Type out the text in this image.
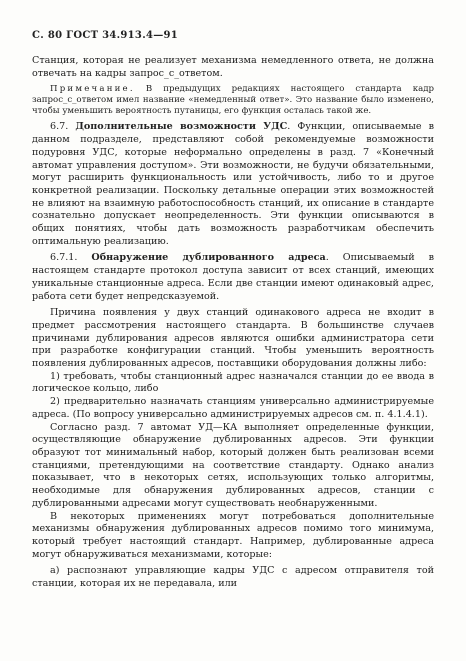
С. 80 ГОСТ 34.913.4—91

Станция, которая не реализует механизма немедленного ответа, не должна отвечать на кадры запрос_с_ответом.

Примечание. В предыдущих редакциях настоящего стандарта кадр запрос_с_ответом имел название «немедленный ответ». Это название было изменено, чтобы уменьшить вероятность путаницы, его функция осталась такой же.

6.7. Дополнительные возможности УДС. Функции, описываемые в данном подразделе, представляют собой рекомендуемые возможности подуровня УДС, которые неформально определены в разд. 7 «Конечный автомат управления доступом». Эти возможности, не будучи обязательными, могут расширить функциональность или устойчивость, либо то и другое конкретной реализации. Поскольку детальные операции этих возможностей не влияют на взаимную работоспособность станций, их описание в стандарте сознательно допускает неопределенность. Эти функции описываются в общих понятиях, чтобы дать возможность разработчикам обеспечить оптимальную реализацию.

6.7.1. Обнаружение дублированного адреса. Описываемый в настоящем стандарте протокол доступа зависит от всех станций, имеющих уникальные станционные адреса. Если две станции имеют одинаковый адрес, работа сети будет непредсказуемой.

Причина появления у двух станций одинакового адреса не входит в предмет рассмотрения настоящего стандарта. В большинстве случаев причинами дублирования адресов являются ошибки администратора сети при разработке конфигурации станций. Чтобы уменьшить вероятность появления дублированных адресов, поставщики оборудования должны либо:

1) требовать, чтобы станционный адрес назначался станции до ее ввода в логическое кольцо, либо

2) предварительно назначать станциям универсально администрируемые адреса. (По вопросу универсально администрируемых адресов см. п. 4.1.4.1).

Согласно разд. 7 автомат УД—КА выполняет определенные функции, осуществляющие обнаружение дублированных адресов. Эти функции образуют тот минимальный набор, который должен быть реализован всеми станциями, претендующими на соответствие стандарту. Однако анализ показывает, что в некоторых сетях, использующих только алгоритмы, необходимые для обнаружения дублированных адресов, станции с дублированными адресами могут существовать необнаруженными.

В некоторых применениях могут потребоваться дополнительные механизмы обнаружения дублированных адресов помимо того минимума, который требует настоящий стандарт. Например, дублированные адреса могут обнаруживаться механизмами, которые:

а) распознают управляющие кадры УДС с адресом отправителя той станции, которая их не передавала, или
